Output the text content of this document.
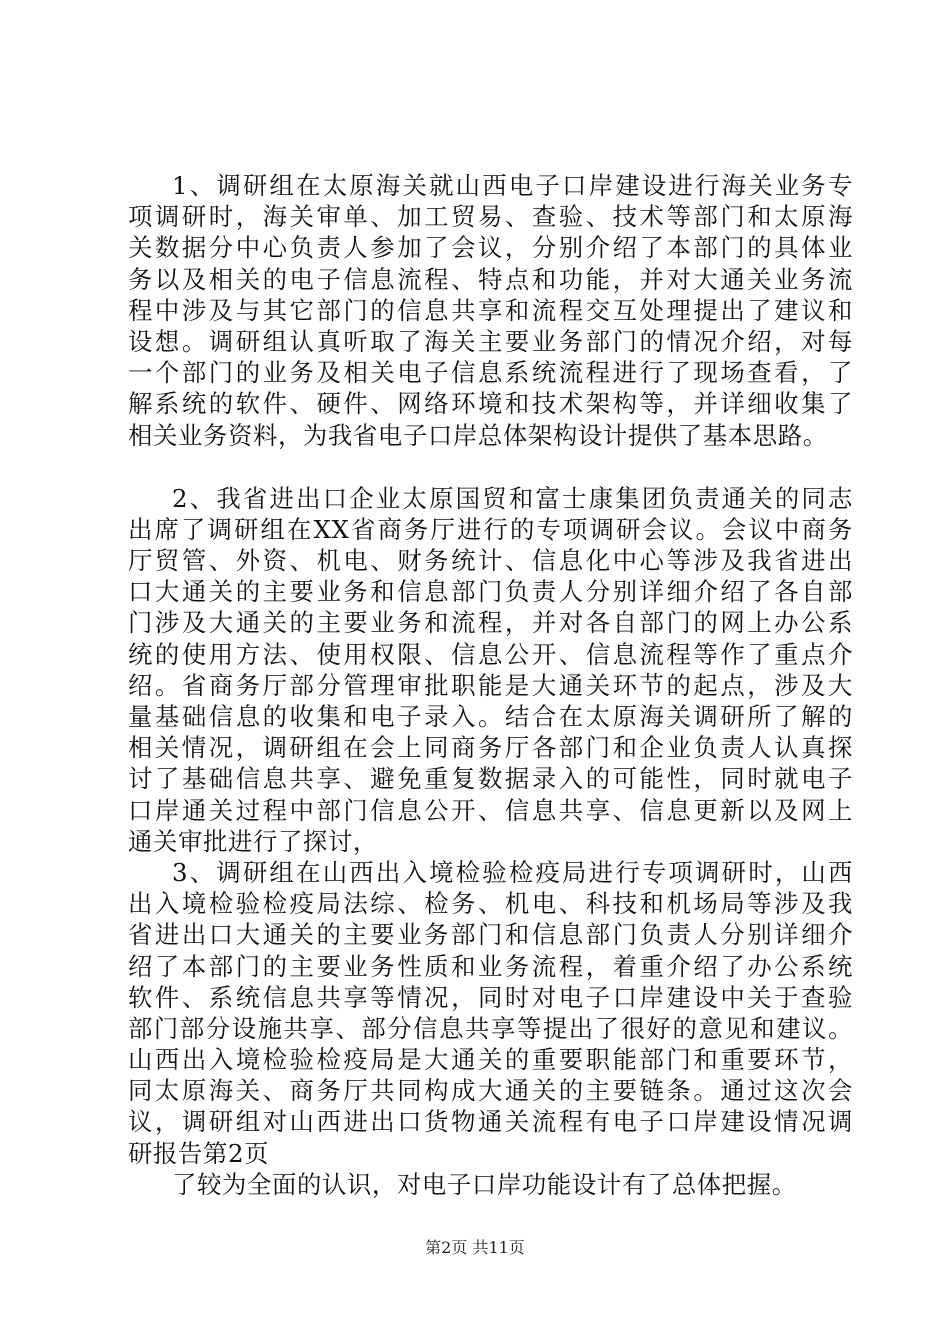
1、调研组在太原海关就山西电子口岸建设进行海关业务专
项调研时，海关审单、加工贸易、查验、技术等部门和太原海
关数据分中心负责人参加了会议，分别介绍了本部门的具体业
务以及相关的电子信息流程、特点和功能，并对大通关业务流
程中涉及与其它部门的信息共享和流程交互处理提出了建议和
设想。调研组认真听取了海关主要业务部门的情况介绍，对每
一个部门的业务及相关电子信息系统流程进行了现场查看，了
解系统的软件、硬件、网络环境和技术架构等，并详细收集了
相关业务资料，为我省电子口岸总体架构设计提供了基本思路。
2、我省进出口企业太原国贸和富士康集团负责通关的同志
出席了调研组在XX省商务厅进行的专项调研会议。会议中商务
厅贸管、外资、机电、财务统计、信息化中心等涉及我省进出
口大通关的主要业务和信息部门负责人分别详细介绍了各自部
门涉及大通关的主要业务和流程，并对各自部门的网上办公系
统的使用方法、使用权限、信息公开、信息流程等作了重点介
绍。省商务厅部分管理审批职能是大通关环节的起点，涉及大
量基础信息的收集和电子录入。结合在太原海关调研所了解的
相关情况，调研组在会上同商务厅各部门和企业负责人认真探
讨了基础信息共享、避免重复数据录入的可能性，同时就电子
口岸通关过程中部门信息公开、信息共享、信息更新以及网上
通关审批进行了探讨，
3、调研组在山西出入境检验检疫局进行专项调研时，山西
出入境检验检疫局法综、检务、机电、科技和机场局等涉及我
省进出口大通关的主要业务部门和信息部门负责人分别详细介
绍了本部门的主要业务性质和业务流程，着重介绍了办公系统
软件、系统信息共享等情况，同时对电子口岸建设中关于查验
部门部分设施共享、部分信息共享等提出了很好的意见和建议。
山西出入境检验检疫局是大通关的重要职能部门和重要环节，
同太原海关、商务厅共同构成大通关的主要链条。通过这次会
议，调研组对山西进出口货物通关流程有电子口岸建设情况调
研报告第2页
了较为全面的认识，对电子口岸功能设计有了总体把握。
第2页 共11页
